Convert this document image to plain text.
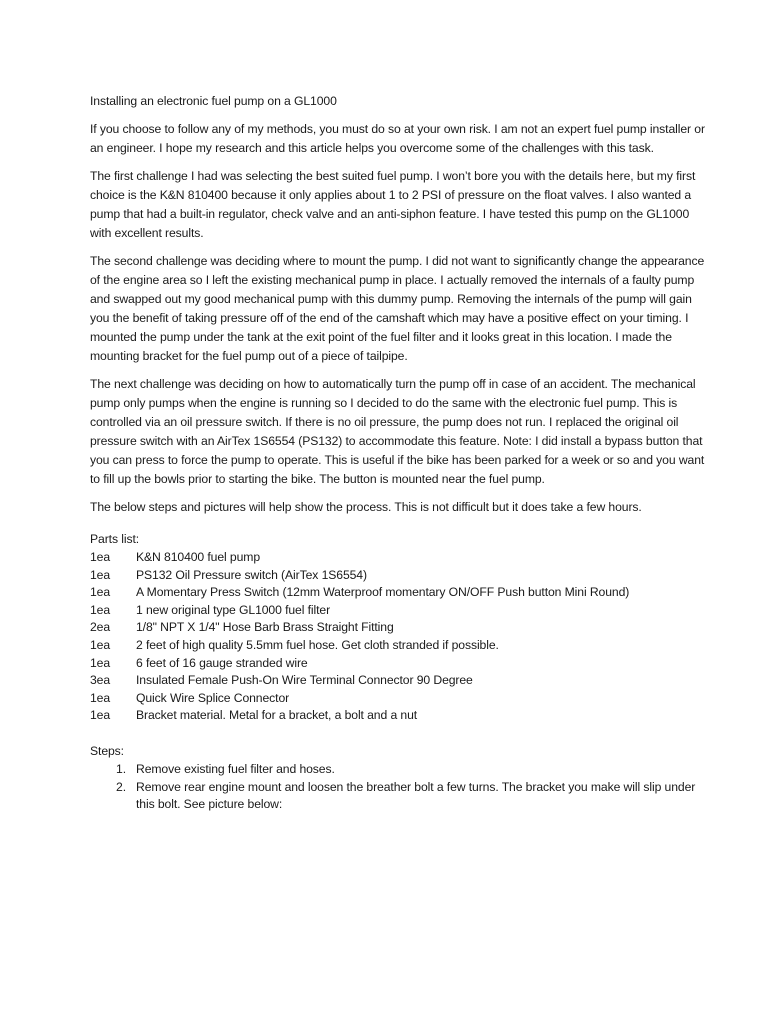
Installing an electronic fuel pump on a GL1000

If you choose to follow any of my methods, you must do so at your own risk. I am not an expert fuel pump installer or an engineer. I hope my research and this article helps you overcome some of the challenges with this task.

The first challenge I had was selecting the best suited fuel pump. I won’t bore you with the details here, but my first choice is the K&N 810400 because it only applies about 1 to 2 PSI of pressure on the float valves. I also wanted a pump that had a built-in regulator, check valve and an anti-siphon feature. I have tested this pump on the GL1000 with excellent results.

The second challenge was deciding where to mount the pump. I did not want to significantly change the appearance of the engine area so I left the existing mechanical pump in place. I actually removed the internals of a faulty pump and swapped out my good mechanical pump with this dummy pump. Removing the internals of the pump will gain you the benefit of taking pressure off of the end of the camshaft which may have a positive effect on your timing. I mounted the pump under the tank at the exit point of the fuel filter and it looks great in this location. I made the mounting bracket for the fuel pump out of a piece of tailpipe.

The next challenge was deciding on how to automatically turn the pump off in case of an accident. The mechanical pump only pumps when the engine is running so I decided to do the same with the electronic fuel pump. This is controlled via an oil pressure switch. If there is no oil pressure, the pump does not run. I replaced the original oil pressure switch with an AirTex 1S6554 (PS132) to accommodate this feature. Note: I did install a bypass button that you can press to force the pump to operate. This is useful if the bike has been parked for a week or so and you want to fill up the bowls prior to starting the bike. The button is mounted near the fuel pump.

The below steps and pictures will help show the process. This is not difficult but it does take a few hours.

Parts list:
1ea	K&N 810400 fuel pump
1ea	PS132 Oil Pressure switch (AirTex 1S6554)
1ea	A Momentary Press Switch (12mm Waterproof momentary ON/OFF Push button Mini Round)
1ea	1 new original type GL1000 fuel filter
2ea	1/8" NPT X 1/4" Hose Barb Brass Straight Fitting
1ea	2 feet of high quality 5.5mm fuel hose. Get cloth stranded if possible.
1ea	6 feet of 16 gauge stranded wire
3ea	Insulated Female Push-On Wire Terminal Connector 90 Degree
1ea	Quick Wire Splice Connector
1ea	Bracket material. Metal for a bracket, a bolt and a nut
Steps:
1. Remove existing fuel filter and hoses.
2. Remove rear engine mount and loosen the breather bolt a few turns. The bracket you make will slip under this bolt. See picture below:
